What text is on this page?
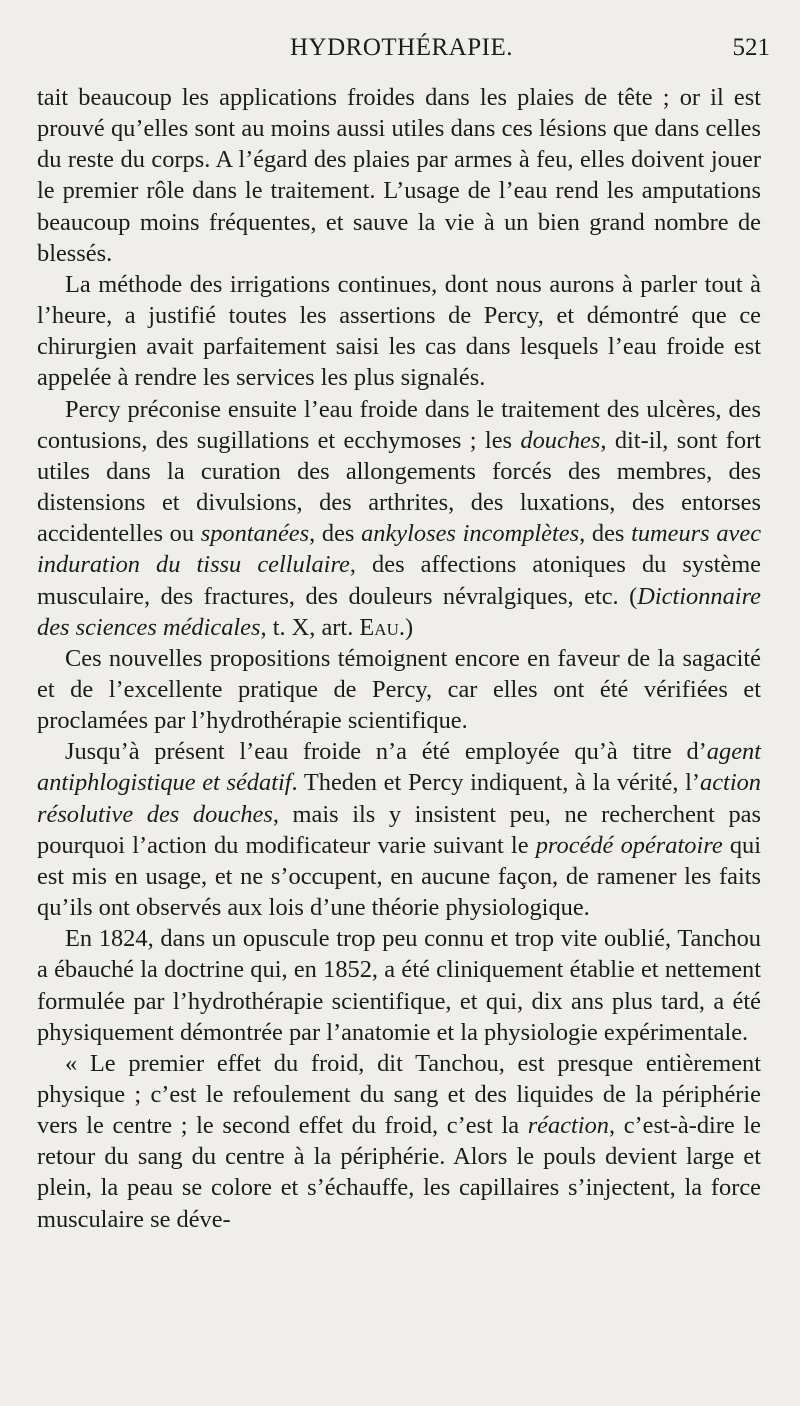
HYDROTHÉRAPIE.	521

tait beaucoup les applications froides dans les plaies de tête ; or il est prouvé qu’elles sont au moins aussi utiles dans ces lésions que dans celles du reste du corps. A l’égard des plaies par armes à feu, elles doivent jouer le premier rôle dans le traitement. L’usage de l’eau rend les amputations beaucoup moins fréquentes, et sauve la vie à un bien grand nombre de blessés.

La méthode des irrigations continues, dont nous aurons à parler tout à l’heure, a justifié toutes les assertions de Percy, et démontré que ce chirurgien avait parfaitement saisi les cas dans lesquels l’eau froide est appelée à rendre les services les plus signalés.

Percy préconise ensuite l’eau froide dans le traitement des ulcères, des contusions, des sugillations et ecchymoses ; les douches, dit-il, sont fort utiles dans la curation des allongements forcés des membres, des distensions et divulsions, des arthrites, des luxations, des entorses accidentelles ou spontanées, des ankyloses incomplètes, des tumeurs avec induration du tissu cellulaire, des affections atoniques du système musculaire, des fractures, des douleurs névralgiques, etc. (Dictionnaire des sciences médicales, t. X, art. Eau.)

Ces nouvelles propositions témoignent encore en faveur de la sagacité et de l’excellente pratique de Percy, car elles ont été vérifiées et proclamées par l’hydrothérapie scientifique.

Jusqu’à présent l’eau froide n’a été employée qu’à titre d’agent antiphlogistique et sédatif. Theden et Percy indiquent, à la vérité, l’action résolutive des douches, mais ils y insistent peu, ne recherchent pas pourquoi l’action du modificateur varie suivant le procédé opératoire qui est mis en usage, et ne s’occupent, en aucune façon, de ramener les faits qu’ils ont observés aux lois d’une théorie physiologique.

En 1824, dans un opuscule trop peu connu et trop vite oublié, Tanchou a ébauché la doctrine qui, en 1852, a été cliniquement établie et nettement formulée par l’hydrothérapie scientifique, et qui, dix ans plus tard, a été physiquement démontrée par l’anatomie et la physiologie expérimentale.

« Le premier effet du froid, dit Tanchou, est presque entièrement physique ; c’est le refoulement du sang et des liquides de la périphérie vers le centre ; le second effet du froid, c’est la réaction, c’est-à-dire le retour du sang du centre à la périphérie. Alors le pouls devient large et plein, la peau se colore et s’échauffe, les capillaires s’injectent, la force musculaire se déve-
